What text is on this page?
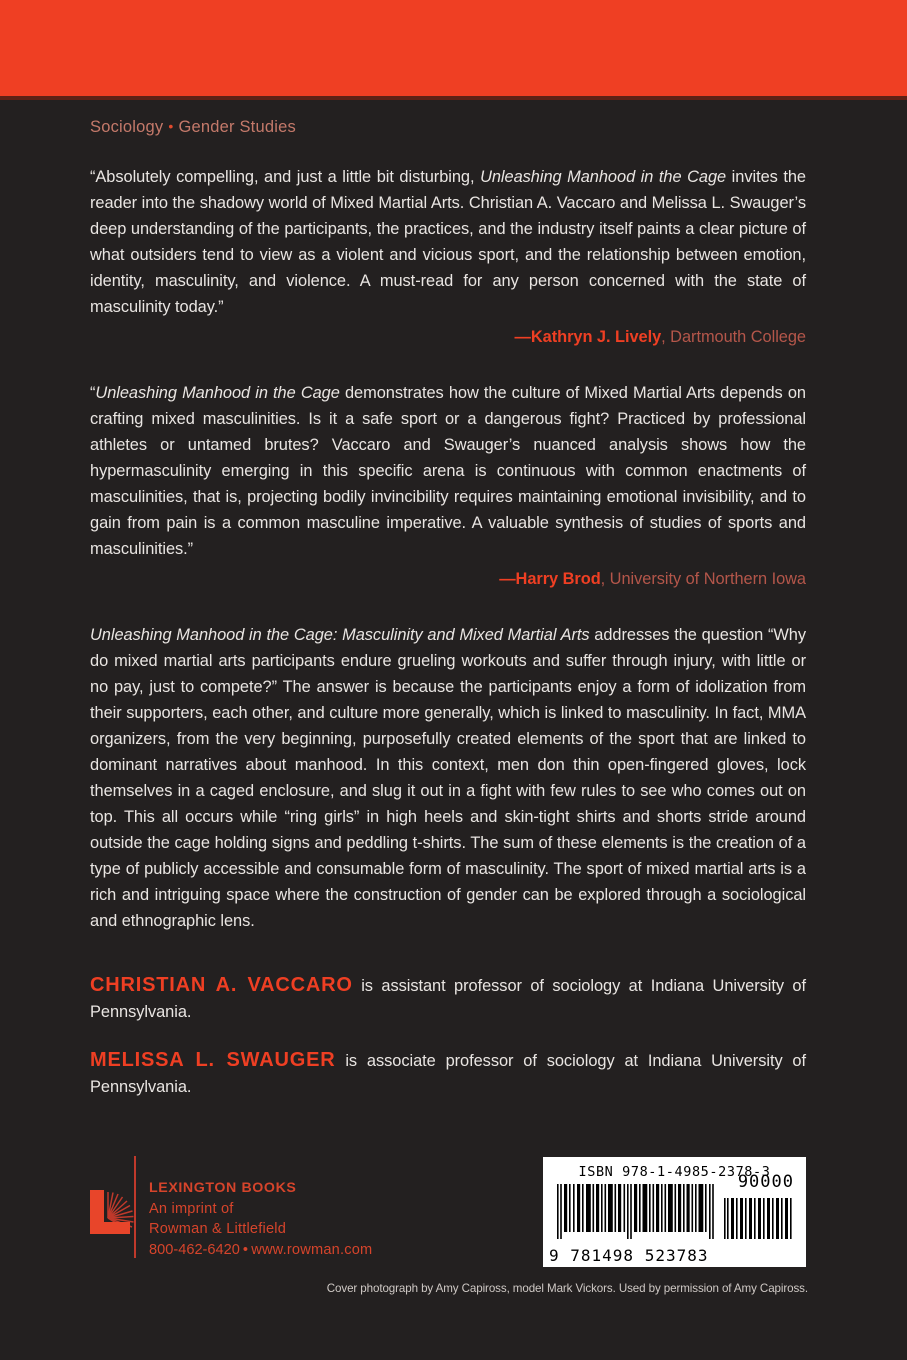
Sociology • Gender Studies

“Absolutely compelling, and just a little bit disturbing, Unleashing Manhood in the Cage invites the reader into the shadowy world of Mixed Martial Arts. Christian A. Vaccaro and Melissa L. Swauger’s deep understanding of the participants, the practices, and the industry itself paints a clear picture of what outsiders tend to view as a violent and vicious sport, and the relationship between emotion, identity, masculinity, and violence. A must-read for any person concerned with the state of masculinity today.”

—Kathryn J. Lively, Dartmouth College

“Unleashing Manhood in the Cage demonstrates how the culture of Mixed Martial Arts depends on crafting mixed masculinities. Is it a safe sport or a dangerous fight? Practiced by professional athletes or untamed brutes? Vaccaro and Swauger’s nuanced analysis shows how the hypermasculinity emerging in this specific arena is continuous with common enactments of masculinities, that is, projecting bodily invincibility requires maintaining emotional invisibility, and to gain from pain is a common masculine imperative. A valuable synthesis of studies of sports and masculinities.”

—Harry Brod, University of Northern Iowa

Unleashing Manhood in the Cage: Masculinity and Mixed Martial Arts addresses the question “Why do mixed martial arts participants endure grueling workouts and suffer through injury, with little or no pay, just to compete?” The answer is because the participants enjoy a form of idolization from their supporters, each other, and culture more generally, which is linked to masculinity. In fact, MMA organizers, from the very beginning, purposefully created elements of the sport that are linked to dominant narratives about manhood. In this context, men don thin open-fingered gloves, lock themselves in a caged enclosure, and slug it out in a fight with few rules to see who comes out on top. This all occurs while “ring girls” in high heels and skin-tight shirts and shorts stride around outside the cage holding signs and peddling t-shirts. The sum of these elements is the creation of a type of publicly accessible and consumable form of masculinity. The sport of mixed martial arts is a rich and intriguing space where the construction of gender can be explored through a sociological and ethnographic lens.

CHRISTIAN A. VACCARO is assistant professor of sociology at Indiana University of Pennsylvania.

MELISSA L. SWAUGER is associate professor of sociology at Indiana University of Pennsylvania.

LEXINGTON BOOKS
An imprint of
Rowman & Littlefield
800-462-6420 • www.rowman.com
ISBN 978-1-4985-2378-3
90000
9 781498 523783
Cover photograph by Amy Capiross, model Mark Vickors. Used by permission of Amy Capiross.
